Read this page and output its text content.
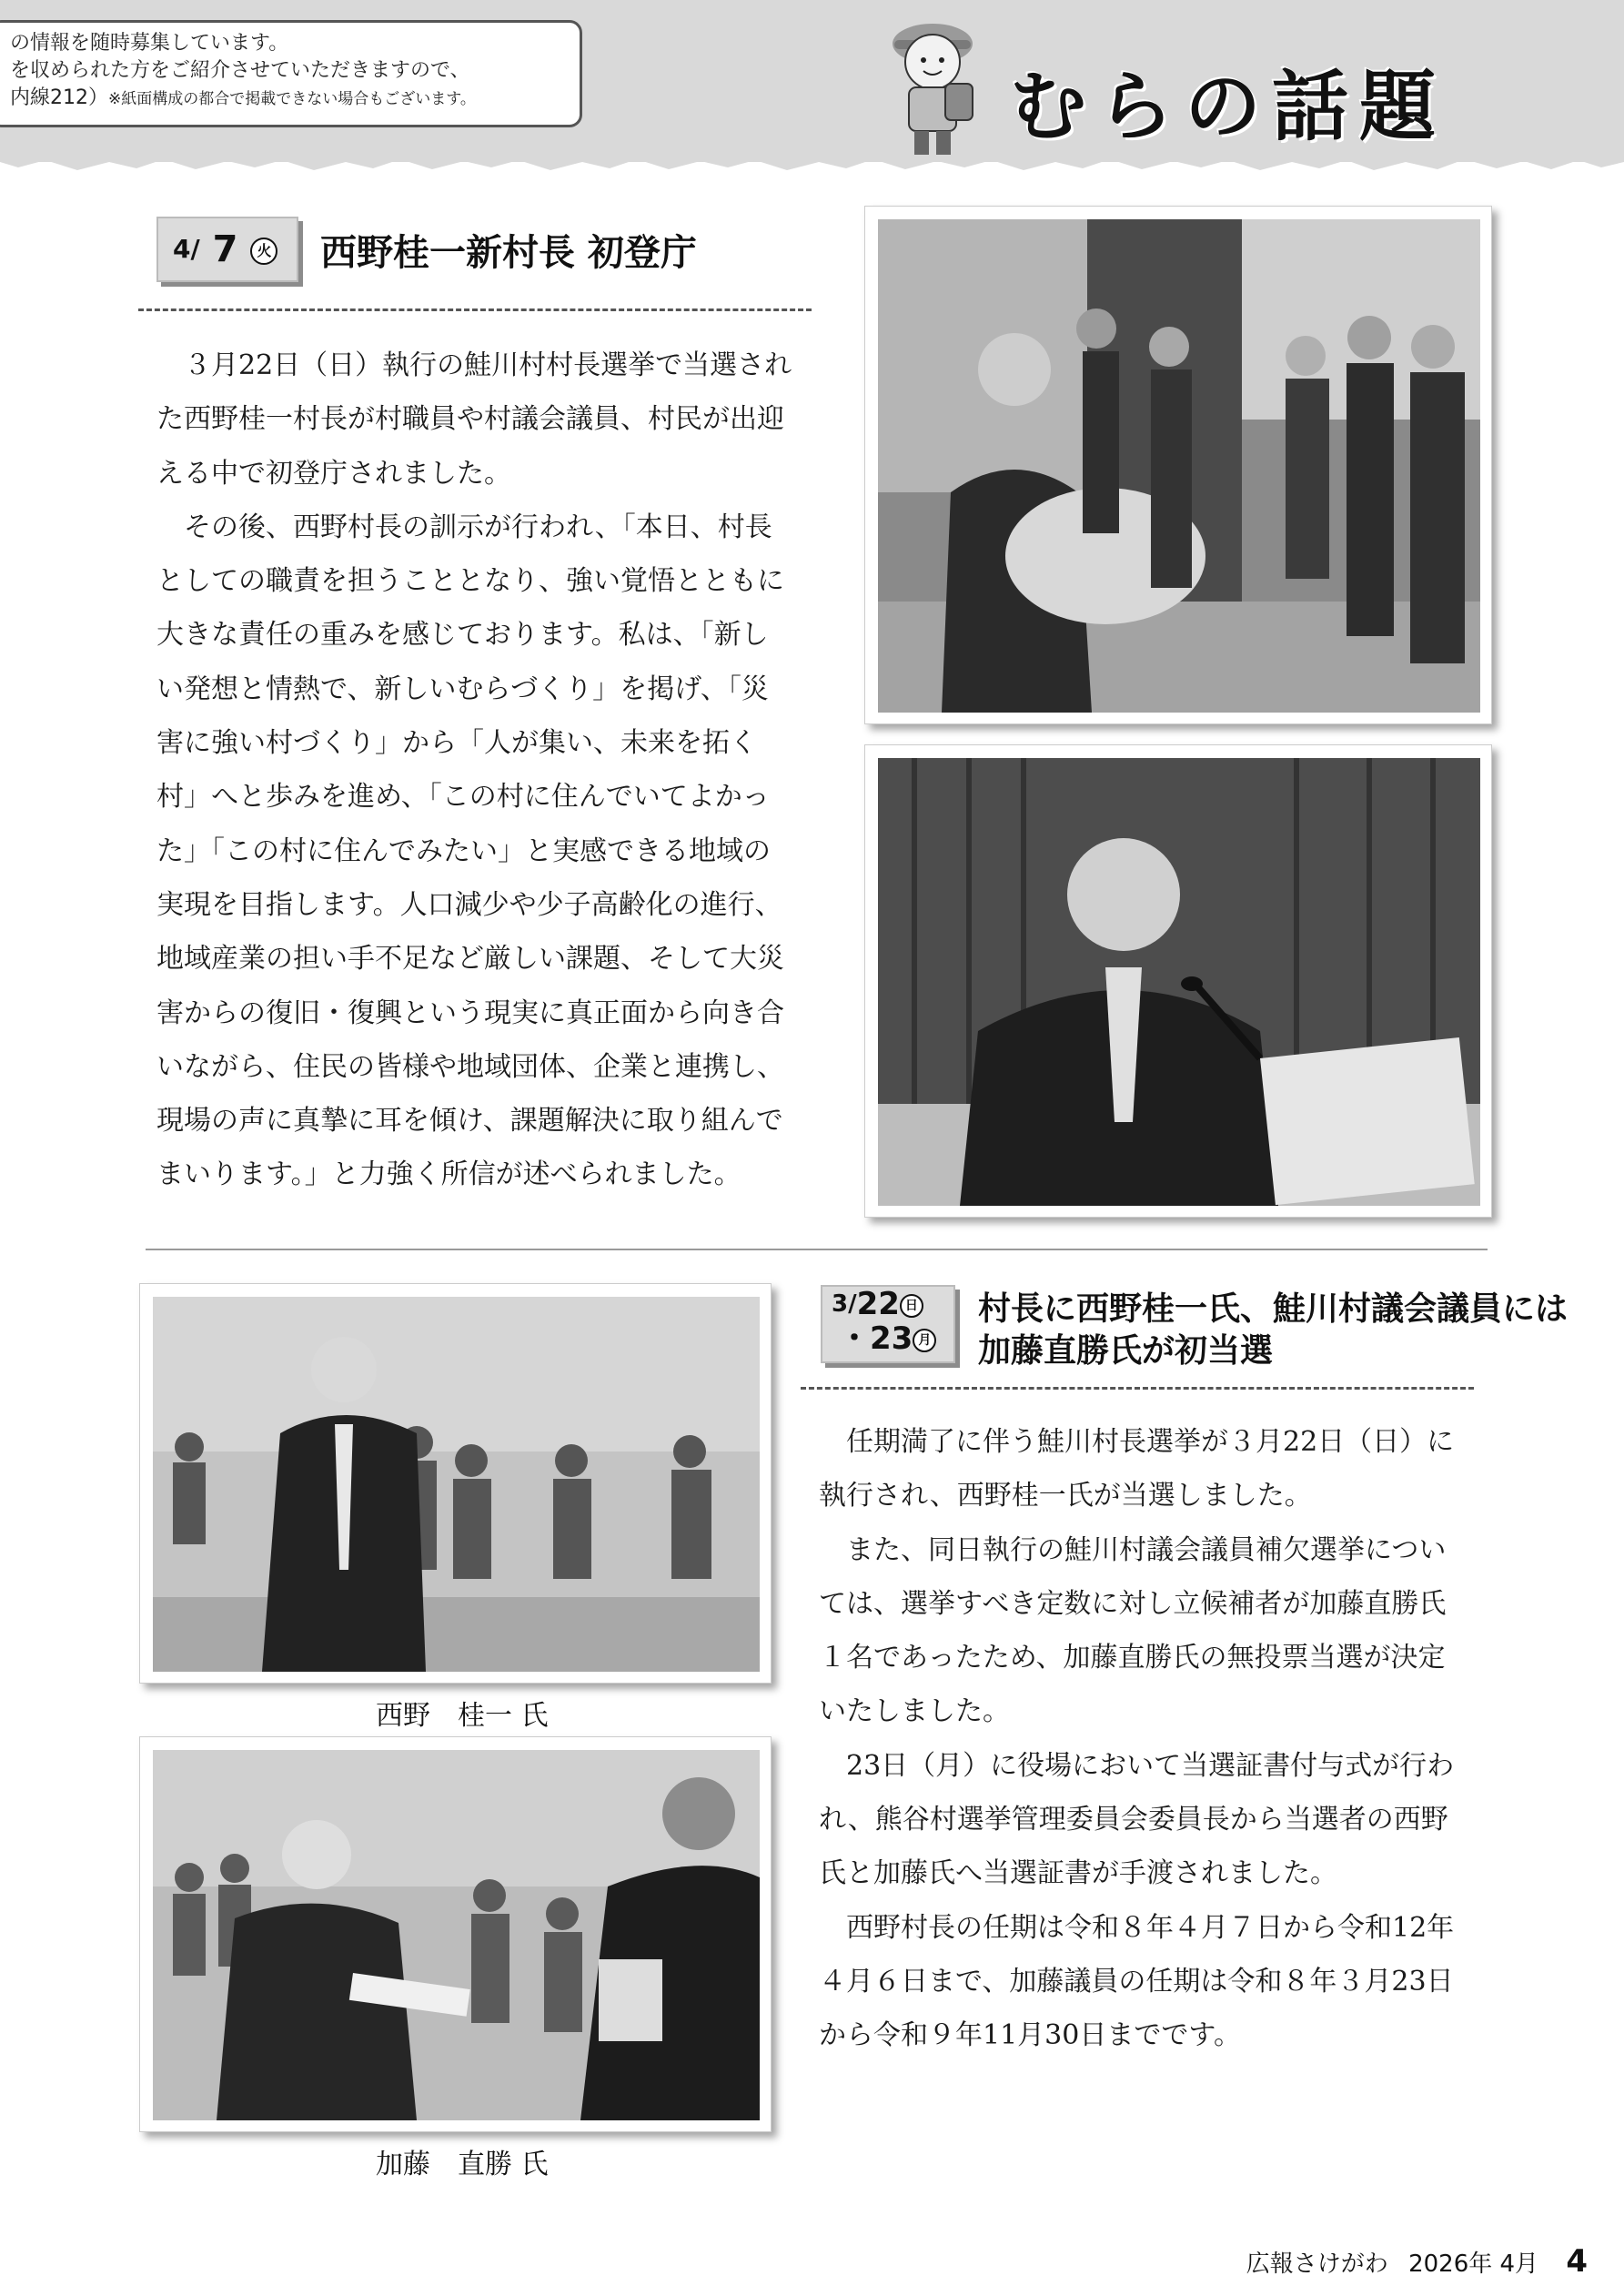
の情報を随時募集しています。
を収められた方をご紹介させていただきますので、
内線212）※紙面構成の都合で掲載できない場合もございます。	むらの話題
$^{4/}$ 7 火	西野桂一新村長 初登庁

　３月22日（日）執行の鮭川村村長選挙で当選され

た西野桂一村長が村職員や村議会議員、村民が出迎

える中で初登庁されました。

　その後、西野村長の訓示が行われ、「本日、村長

としての職責を担うこととなり、強い覚悟とともに

大きな責任の重みを感じております。私は、「新し

い発想と情熱で、新しいむらづくり」を掲げ、「災

害に強い村づくり」から「人が集い、未来を拓く

村」へと歩みを進め、「この村に住んでいてよかっ

た」「この村に住んでみたい」と実感できる地域の

実現を目指します。人口減少や少子高齢化の進行、

地域産業の担い手不足など厳しい課題、そして大災

害からの復旧・復興という現実に真正面から向き合

いながら、住民の皆様や地域団体、企業と連携し、

現場の声に真摯に耳を傾け、課題解決に取り組んで

まいります。」と力強く所信が述べられました。

西野　桂一 氏
加藤　直勝 氏
$^{3/}$22 日
・23 月
村長に西野桂一氏、鮭川村議会議員には
加藤直勝氏が初当選

　任期満了に伴う鮭川村長選挙が３月22日（日）に

執行され、西野桂一氏が当選しました。

　また、同日執行の鮭川村議会議員補欠選挙につい

ては、選挙すべき定数に対し立候補者が加藤直勝氏

１名であったため、加藤直勝氏の無投票当選が決定

いたしました。

　23日（月）に役場において当選証書付与式が行わ

れ、熊谷村選挙管理委員会委員長から当選者の西野

氏と加藤氏へ当選証書が手渡されました。

　西野村長の任期は令和８年４月７日から令和12年

４月６日まで、加藤議員の任期は令和８年３月23日

から令和９年11月30日までです。

広報さけがわ 2026年 4月 4
